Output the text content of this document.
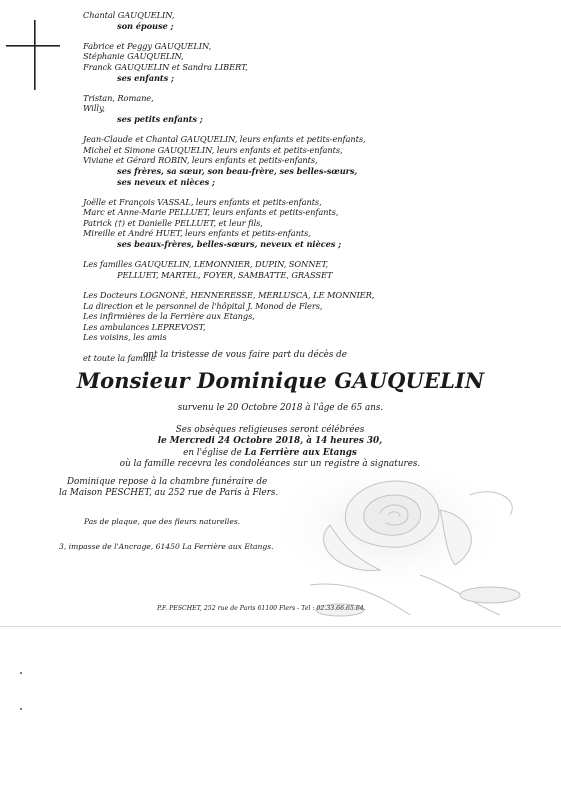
Chantal GAUQUELIN,
son épouse ;
Fabrice et Peggy GAUQUELIN,
Stéphanie GAUQUELIN,
Franck GAUQUELIN et Sandra LIBERT,
ses enfants ;
Tristan, Romane,
Willy,
ses petits enfants ;
Jean-Claude et Chantal GAUQUELIN, leurs enfants et petits-enfants,
Michel et Simone GAUQUELIN, leurs enfants et petits-enfants,
Viviane et Gérard ROBIN, leurs enfants et petits-enfants,
ses frères, sa sœur, son beau-frère, ses belles-sœurs,
ses neveux et nièces ;
Joëlle et François VASSAL, leurs enfants et petits-enfants,
Marc et Anne-Marie PELLUET, leurs enfants et petits-enfants,
Patrick (†) et Danielle PELLUET, et leur fils,
Mireille et André HUET, leurs enfants et petits-enfants,
ses beaux-frères, belles-sœurs, neveux et nièces ;
Les familles GAUQUELIN, LEMONNIER, DUPIN, SONNET,
PELLUET, MARTEL, FOYER, SAMBATTE, GRASSET
Les Docteurs LOGNONÉ, HENNERESSE, MERLUSCA, LE MONNIER,
La direction et le personnel de l'hôpital J. Monod de Flers,
Les infirmières de la Ferrière aux Etangs,
Les ambulances LEPREVOST,
Les voisins, les amis
et toute la famille
ont la tristesse de vous faire part du décès de
Monsieur Dominique GAUQUELIN
survenu le 20 Octobre 2018 à l'âge de 65 ans.
Ses obsèques religieuses seront célébrées
le Mercredi 24 Octobre 2018, à 14 heures 30,
en l'église de La Ferrière aux Etangs
où la famille recevra les condoléances sur un registre à signatures.
Dominique repose à la chambre funéraire de
la Maison PESCHET, au 252 rue de Paris à Flers.
Pas de plaque, que des fleurs naturelles.
3, impasse de l'Ancrage, 61450 La Ferrière aux Etangs.
P.F. PESCHET, 252 rue de Paris 61100 Flers - Tel : 02.33.66.65.64.
